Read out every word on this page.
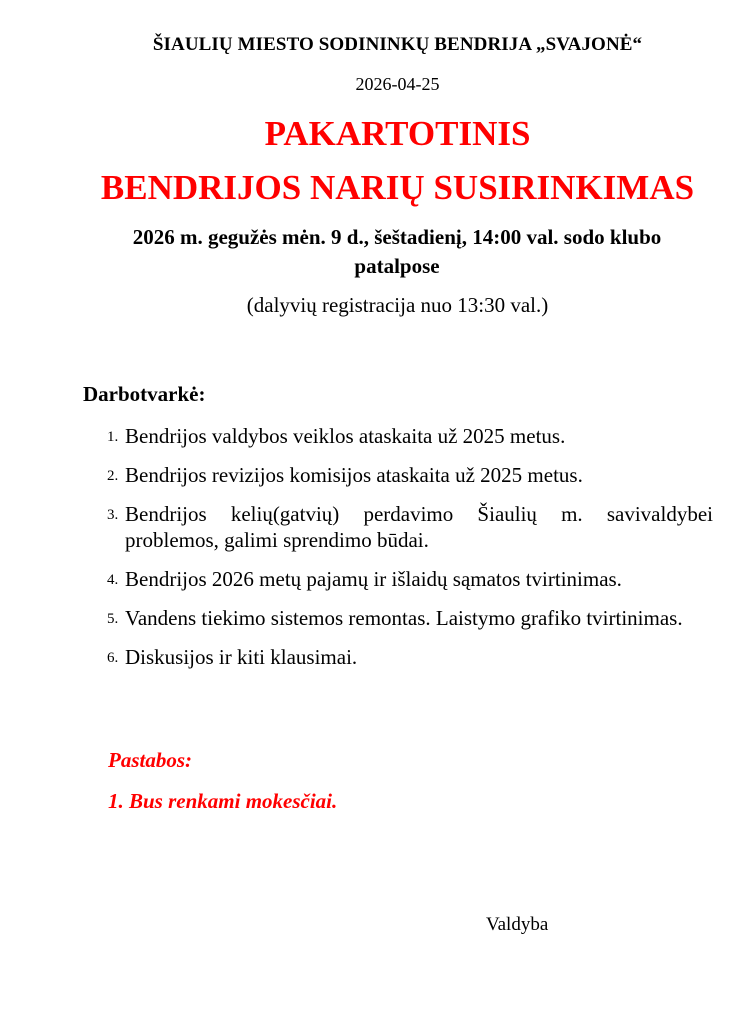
ŠIAULIŲ MIESTO SODININKŲ BENDRIJA „SVAJONĖ“
2026-04-25
PAKARTOTINIS
BENDRIJOS NARIŲ SUSIRINKIMAS
2026 m. gegužės mėn. 9 d., šeštadienį, 14:00 val. sodo klubo patalpose
(dalyvių registracija nuo 13:30 val.)
Darbotvarkė:
1. Bendrijos valdybos veiklos ataskaita už 2025 metus.
2. Bendrijos revizijos komisijos ataskaita už 2025 metus.
3. Bendrijos kelių(gatvių) perdavimo Šiaulių m. savivaldybei problemos, galimi sprendimo būdai.
4. Bendrijos 2026 metų pajamų ir išlaidų sąmatos tvirtinimas.
5. Vandens tiekimo sistemos remontas. Laistymo grafiko tvirtinimas.
6. Diskusijos ir kiti klausimai.
Pastabos:
1. Bus renkami mokesčiai.
Valdyba
